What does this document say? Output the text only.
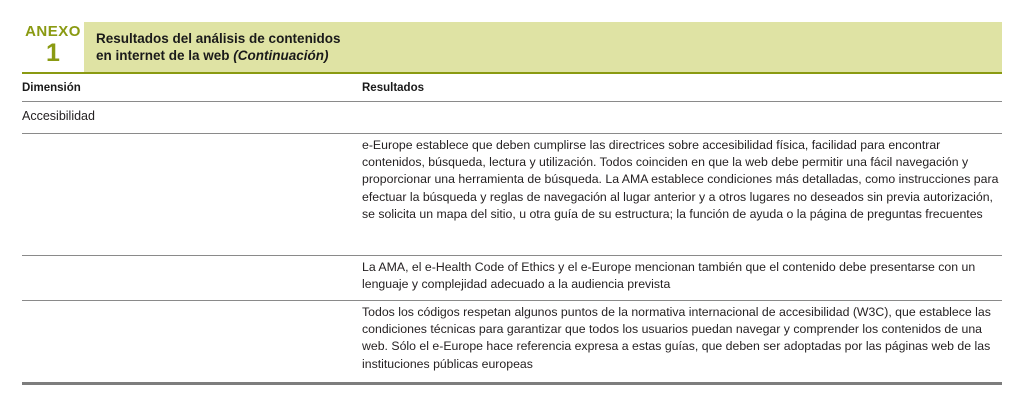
ANEXO
1
Resultados del análisis de contenidos
en internet de la web (Continuación)
Dimensión	Resultados
Accesibilidad
e-Europe establece que deben cumplirse las directrices sobre accesibilidad física, facilidad para encontrar contenidos, búsqueda, lectura y utilización. Todos coinciden en que la web debe permitir una fácil navegación y proporcionar una herramienta de búsqueda. La AMA establece condiciones más detalladas, como instrucciones para efectuar la búsqueda y reglas de navegación al lugar anterior y a otros lugares no deseados sin previa autorización, se solicita un mapa del sitio, u otra guía de su estructura; la función de ayuda o la página de preguntas frecuentes
La AMA, el e-Health Code of Ethics y el e-Europe mencionan también que el contenido debe presentarse con un lenguaje y complejidad adecuado a la audiencia prevista
Todos los códigos respetan algunos puntos de la normativa internacional de accesibilidad (W3C), que establece las condiciones técnicas para garantizar que todos los usuarios puedan navegar y comprender los contenidos de una web. Sólo el e-Europe hace referencia expresa a estas guías, que deben ser adoptadas por las páginas web de las instituciones públicas europeas
